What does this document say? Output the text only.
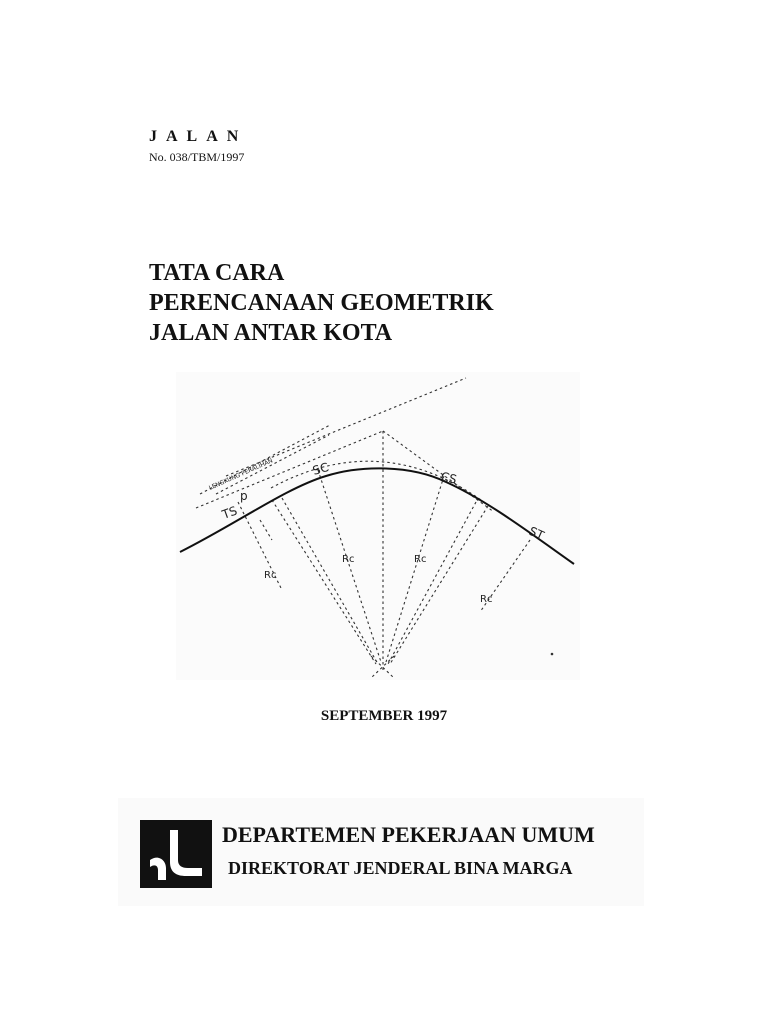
JALAN
No. 038/TBM/1997
TATA CARA
PERENCANAAN GEOMETRIK
JALAN ANTAR KOTA
LENGKUNG PERALIHAN
TS
p
SC
CS
ST
Rc
Rc	Rc
Rc
SEPTEMBER 1997
DEPARTEMEN PEKERJAAN UMUM
DIREKTORAT JENDERAL BINA MARGA
